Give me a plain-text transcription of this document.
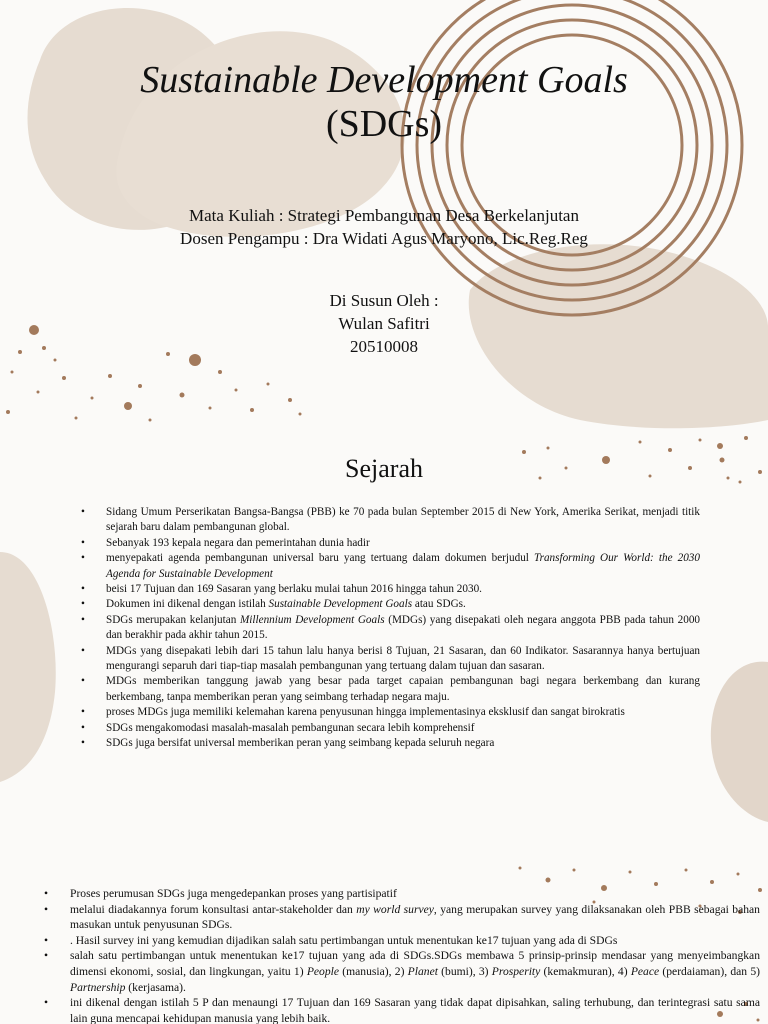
Sustainable Development Goals
(SDGs)
Mata Kuliah : Strategi Pembangunan Desa Berkelanjutan
Dosen Pengampu : Dra Widati Agus Maryono, Lic.Reg.Reg
Di Susun Oleh :
Wulan Safitri
20510008
Sejarah
• Sidang Umum Perserikatan Bangsa-Bangsa (PBB) ke 70 pada bulan September 2015 di New York, Amerika Serikat, menjadi titik sejarah baru dalam pembangunan global.
• Sebanyak 193 kepala negara dan pemerintahan dunia hadir
• menyepakati agenda pembangunan universal baru yang tertuang dalam dokumen berjudul Transforming Our World: the 2030 Agenda for Sustainable Development
• beisi 17 Tujuan dan 169 Sasaran yang berlaku mulai tahun 2016 hingga tahun 2030.
• Dokumen ini dikenal dengan istilah Sustainable Development Goals atau SDGs.
• SDGs merupakan kelanjutan Millennium Development Goals (MDGs) yang disepakati oleh negara anggota PBB pada tahun 2000 dan berakhir pada akhir tahun 2015.
• MDGs yang disepakati lebih dari 15 tahun lalu hanya berisi 8 Tujuan, 21 Sasaran, dan 60 Indikator. Sasarannya hanya bertujuan mengurangi separuh dari tiap-tiap masalah pembangunan yang tertuang dalam tujuan dan sasaran.
• MDGs memberikan tanggung jawab yang besar pada target capaian pembangunan bagi negara berkembang dan kurang berkembang, tanpa memberikan peran yang seimbang terhadap negara maju.
• proses MDGs juga memiliki kelemahan karena penyusunan hingga implementasinya eksklusif dan sangat birokratis
• SDGs mengakomodasi masalah-masalah pembangunan secara lebih komprehensif
• SDGs juga bersifat universal memberikan peran yang seimbang kepada seluruh negara
• Proses perumusan SDGs juga mengedepankan proses yang partisipatif
• melalui diadakannya forum konsultasi antar-stakeholder dan my world survey, yang merupakan survey yang dilaksanakan oleh PBB sebagai bahan masukan untuk penyusunan SDGs.
• . Hasil survey ini yang kemudian dijadikan salah satu pertimbangan untuk menentukan ke17 tujuan yang ada di SDGs
• salah satu pertimbangan untuk menentukan ke17 tujuan yang ada di SDGs.SDGs membawa 5 prinsip-prinsip mendasar yang menyeimbangkan dimensi ekonomi, sosial, dan lingkungan, yaitu 1) People (manusia), 2) Planet (bumi), 3) Prosperity (kemakmuran), 4) Peace (perdaiaman), dan 5) Partnership (kerjasama).
• ini dikenal dengan istilah 5 P dan menaungi 17 Tujuan dan 169 Sasaran yang tidak dapat dipisahkan, saling terhubung, dan terintegrasi satu sama lain guna mencapai kehidupan manusia yang lebih baik.
